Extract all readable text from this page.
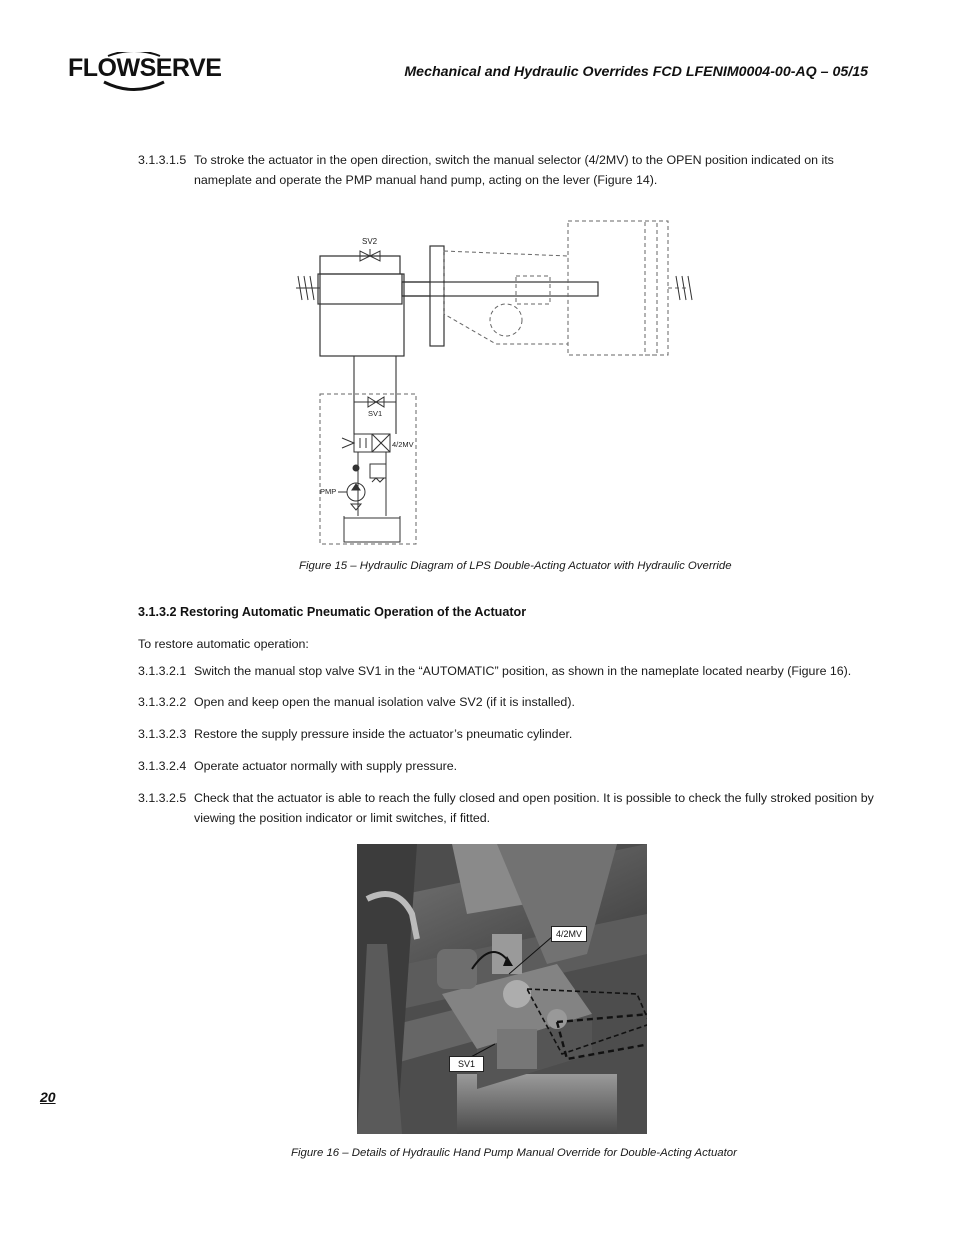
FLOWSERVE	Mechanical and Hydraulic Overrides FCD LFENIM0004-00-AQ – 05/15
3.1.3.1.5 To stroke the actuator in the open direction, switch the manual selector (4/2MV) to the OPEN position indicated on its nameplate and operate the PMP manual hand pump, acting on the lever (Figure 14).
SV2
SV1
4/2MV
PMP
Figure 15 – Hydraulic Diagram of LPS Double-Acting Actuator with Hydraulic Override
3.1.3.2 Restoring Automatic Pneumatic Operation of the Actuator
To restore automatic operation:
3.1.3.2.1 Switch the manual stop valve SV1 in the “AUTOMATIC” position, as shown in the nameplate located nearby (Figure 16).
3.1.3.2.2 Open and keep open the manual isolation valve SV2 (if it is installed).
3.1.3.2.3 Restore the supply pressure inside the actuator’s pneumatic cylinder.
3.1.3.2.4 Operate actuator normally with supply pressure.
3.1.3.2.5 Check that the actuator is able to reach the fully closed and open position. It is possible to check the fully stroked position by viewing the position indicator or limit switches, if fitted.
4/2MV
SV1
Figure 16 – Details of Hydraulic Hand Pump Manual Override for Double-Acting Actuator
20
